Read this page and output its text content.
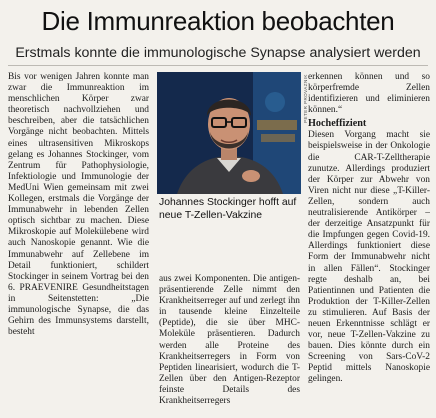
Die Immunreaktion beobachten
Erstmals konnte die immunologische Synapse analysiert werden

Bis vor wenigen Jahren konnte man zwar die Immunreaktion im menschlichen Körper zwar theoretisch nachvollziehen und beschreiben, aber die tatsächlichen Vorgänge nicht beobachten. Mittels eines ultrasensitiven Mikroskops gelang es Johannes Stockinger, vom Zentrum für Pathophysiologie, Infektiologie und Immunologie der MedUni Wien gemeinsam mit zwei Kollegen, erstmals die Vorgänge der Immunabwehr in lebenden Zellen optisch sichtbar zu machen. Diese Mikroskopie auf Molekülebene wird auch Nanoskopie genannt. Wie die Immunabwehr auf Zellebene im Detail funktioniert, schildert Stockinger in seinem Vortrag bei den 6. PRAEVENIRE Gesundheitstagen in Seitenstetten: „Die immunologische Synapse, die das Gehirn des Immunsystems darstellt, besteht

PETER PROVAZNIK
Johannes Stockinger hofft auf neue T-Zellen-Vakzine

aus zwei Komponenten. Die antigen-präsentierende Zelle nimmt den Krankheitserreger auf und zerlegt ihn in tausende kleine Einzelteile (Peptide), die sie über MHC-Moleküle präsentieren. Dadurch werden alle Proteine des Krankheitserregers in Form von Peptiden linearisiert, wodurch die T-Zellen über den Antigen-Rezeptor feinste Details des Krankheitserregers

erkennen können und so körperfremde Zellen identifizieren und eliminieren können.“

Hocheffizient

Diesen Vorgang macht sie beispielsweise in der Onkologie die CAR-T-Zelltherapie zunutze. Allerdings produziert der Körper zur Abwehr von Viren nicht nur diese „T-Killer-Zellen, sondern auch neutralisierende Antikörper – der derzeitige Ansatzpunkt für die Impfungen gegen Covid-19. Allerdings funktioniert diese Form der Immunabwehr nicht in allen Fällen“. Stockinger regte deshalb an, bei Patientinnen und Patienten die Produktion der T-Killer-Zellen zu stimulieren. Auf Basis der neuen Erkenntnisse schlägt er vor, neue T-Zellen-Vakzine zu bauen. Dies könnte durch ein Screening von Sars-CoV-2 Peptid mittels Nanoskopie gelingen.
